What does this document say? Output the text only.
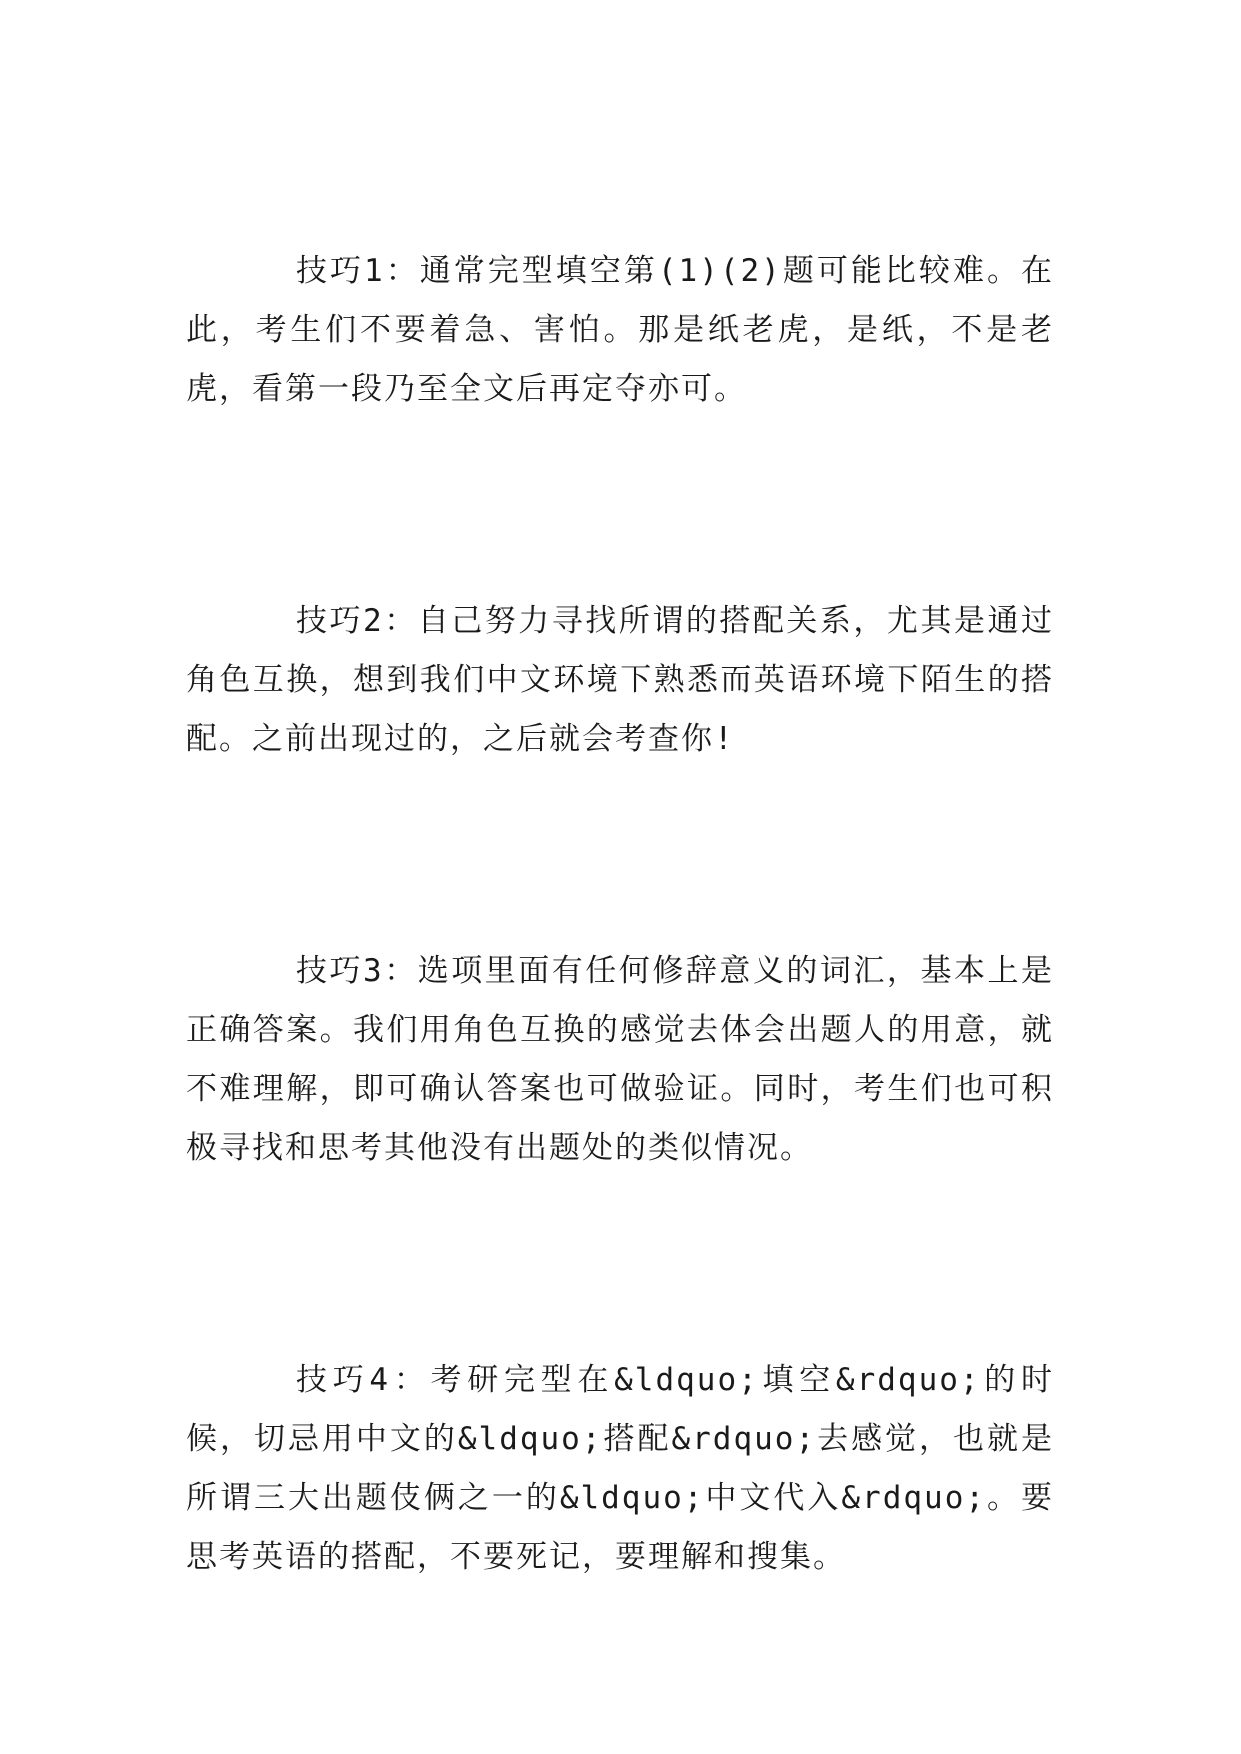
技巧1：通常完型填空第(1)(2)题可能比较难。在此，考生们不要着急、害怕。那是纸老虎，是纸，不是老虎，看第一段乃至全文后再定夺亦可。

技巧2：自己努力寻找所谓的搭配关系，尤其是通过角色互换，想到我们中文环境下熟悉而英语环境下陌生的搭配。之前出现过的，之后就会考查你!

技巧3：选项里面有任何修辞意义的词汇，基本上是正确答案。我们用角色互换的感觉去体会出题人的用意，就不难理解，即可确认答案也可做验证。同时，考生们也可积极寻找和思考其他没有出题处的类似情况。

技巧4：考研完型在&ldquo;填空&rdquo;的时候，切忌用中文的&ldquo;搭配&rdquo;去感觉，也就是所谓三大出题伎俩之一的&ldquo;中文代入&rdquo;。要思考英语的搭配，不要死记，要理解和搜集。
